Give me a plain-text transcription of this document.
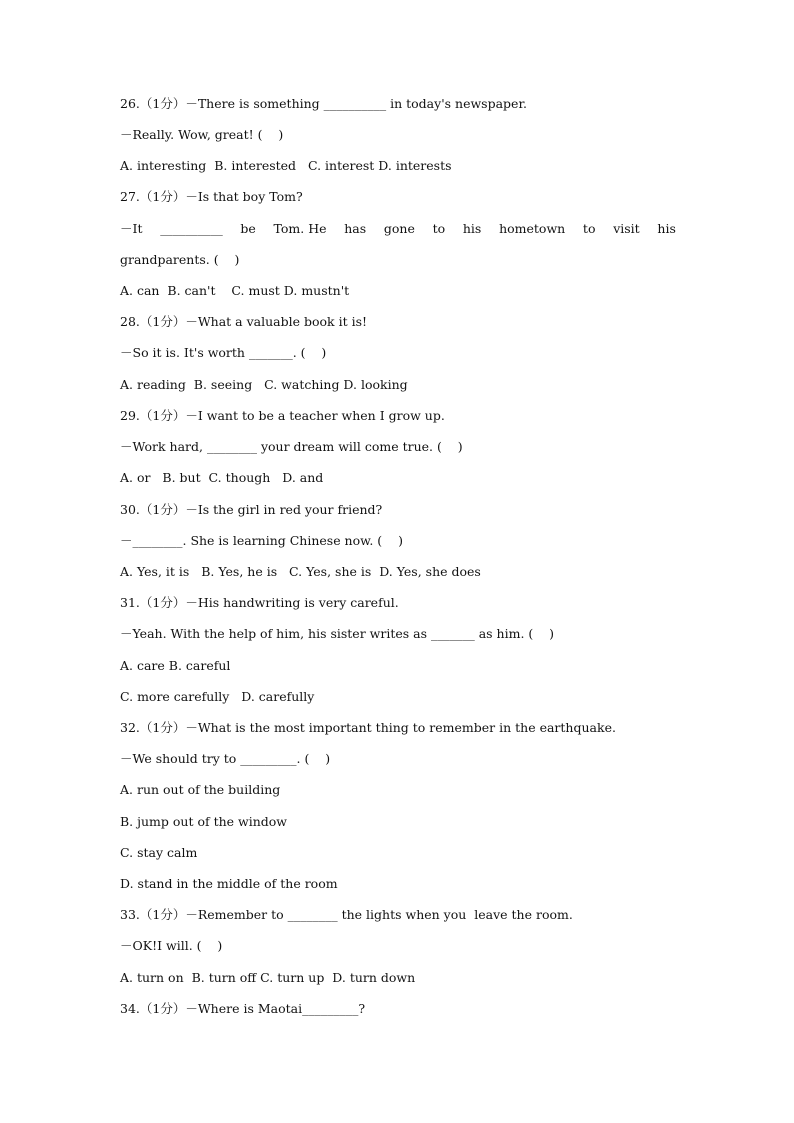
26.（1分）－There is something __________ in today's newspaper.
－Really. Wow, great! (    )
A. interesting  B. interested   C. interest D. interests
27.（1分）－Is that boy Tom?
－It __________ be Tom. He has gone to his hometown to visit his
grandparents. (    )
A. can  B. can't    C. must D. mustn't
28.（1分）－What a valuable book it is!
－So it is. It's worth _______. (    )
A. reading  B. seeing   C. watching D. looking
29.（1分）－I want to be a teacher when I grow up.
－Work hard, ________ your dream will come true. (    )
A. or   B. but  C. though   D. and
30.（1分）－Is the girl in red your friend?
－________. She is learning Chinese now. (    )
A. Yes, it is   B. Yes, he is   C. Yes, she is  D. Yes, she does
31.（1分）－His handwriting is very careful.
－Yeah. With the help of him, his sister writes as _______ as him. (    )
A. care B. careful
C. more carefully   D. carefully
32.（1分）－What is the most important thing to remember in the earthquake.
－We should try to _________. (    )
A. run out of the building
B. jump out of the window
C. stay calm
D. stand in the middle of the room
33.（1分）－Remember to ________ the lights when you  leave the room.
－OK!I will. (    )
A. turn on  B. turn off C. turn up  D. turn down
34.（1分）－Where is Maotai_________?
